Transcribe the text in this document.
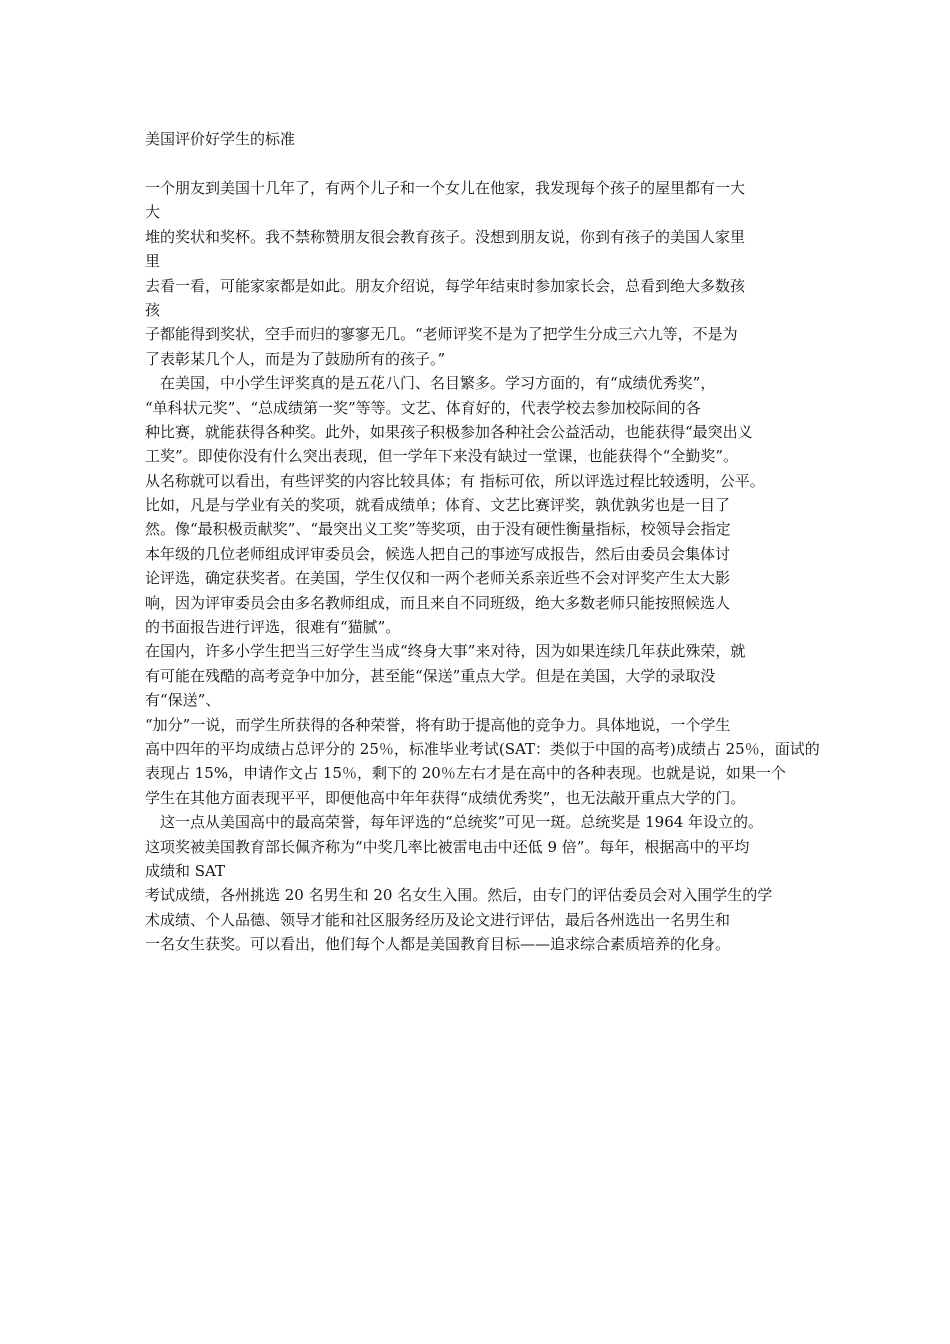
美国评价好学生的标准
一个朋友到美国十几年了，有两个儿子和一个女儿在他家，我发现每个孩子的屋里都有一大
大
堆的奖状和奖杯。我不禁称赞朋友很会教育孩子。没想到朋友说，你到有孩子的美国人家里
里
去看一看，可能家家都是如此。朋友介绍说，每学年结束时参加家长会，总看到绝大多数孩
孩
子都能得到奖状，空手而归的寥寥无几。“老师评奖不是为了把学生分成三六九等，不是为
了表彰某几个人，而是为了鼓励所有的孩子。”
　在美国，中小学生评奖真的是五花八门、名目繁多。学习方面的，有“成绩优秀奖”，
“单科状元奖”、“总成绩第一奖”等等。文艺、体育好的，代表学校去参加校际间的各
种比赛，就能获得各种奖。此外，如果孩子积极参加各种社会公益活动，也能获得“最突出义
工奖”。即使你没有什么突出表现，但一学年下来没有缺过一堂课，也能获得个“全勤奖”。
从名称就可以看出，有些评奖的内容比较具体；有 指标可依，所以评选过程比较透明，公平。
比如，凡是与学业有关的奖项，就看成绩单；体育、文艺比赛评奖，孰优孰劣也是一目了
然。像“最积极贡献奖”、“最突出义工奖”等奖项，由于没有硬性衡量指标，校领导会指定
本年级的几位老师组成评审委员会，候选人把自己的事迹写成报告，然后由委员会集体讨
论评选，确定获奖者。在美国，学生仅仅和一两个老师关系亲近些不会对评奖产生太大影
响，因为评审委员会由多名教师组成，而且来自不同班级，绝大多数老师只能按照候选人
的书面报告进行评选，很难有“猫腻”。
在国内，许多小学生把当三好学生当成“终身大事”来对待，因为如果连续几年获此殊荣，就
有可能在残酷的高考竞争中加分，甚至能“保送”重点大学。但是在美国，大学的录取没
有“保送”、
“加分”一说，而学生所获得的各种荣誉，将有助于提高他的竞争力。具体地说，一个学生
高中四年的平均成绩占总评分的 25％，标准毕业考试(SAT：类似于中国的高考)成绩占 25％，面试的
表现占 15%，申请作文占 15％，剩下的 20％左右才是在高中的各种表现。也就是说，如果一个
学生在其他方面表现平平，即便他高中年年获得“成绩优秀奖”，也无法敲开重点大学的门。
　这一点从美国高中的最高荣誉，每年评选的“总统奖”可见一斑。总统奖是 1964 年设立的。
这项奖被美国教育部长佩齐称为“中奖几率比被雷电击中还低 9 倍”。每年，根据高中的平均
成绩和 SAT
考试成绩，各州挑选 20 名男生和 20 名女生入围。然后，由专门的评估委员会对入围学生的学
术成绩、个人品德、领导才能和社区服务经历及论文进行评估，最后各州选出一名男生和
一名女生获奖。可以看出，他们每个人都是美国教育目标——追求综合素质培养的化身。
